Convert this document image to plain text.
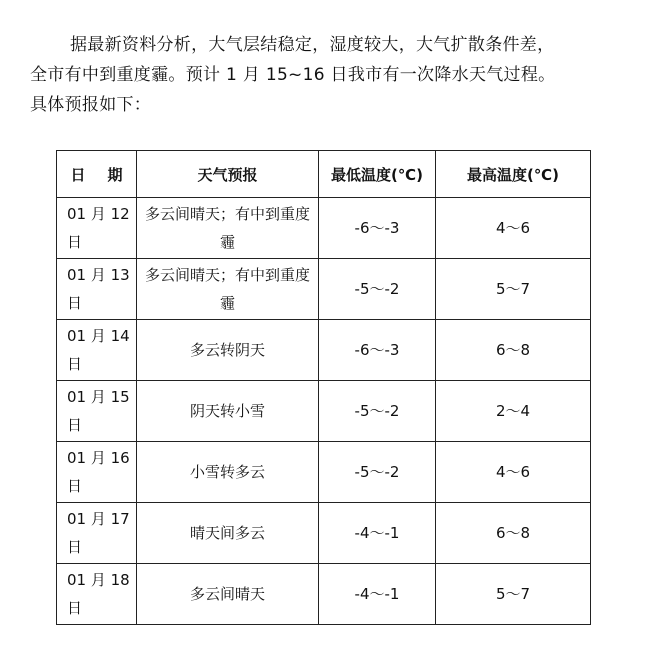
据最新资料分析，大气层结稳定，湿度较大，大气扩散条件差，

全市有中到重度霾。预计 1 月 15~16 日我市有一次降水天气过程。

具体预报如下：

日 期	天气预报	最低温度(℃)	最高温度(℃)

01 月 12
日	多云间晴天；有中到重度霾	-6～-3	4～6

01 月 13
日	多云间晴天；有中到重度霾	-5～-2	5～7

01 月 14
日	多云转阴天	-6～-3	6～8

01 月 15
日	阴天转小雪	-5～-2	2～4

01 月 16
日	小雪转多云	-5～-2	4～6

01 月 17
日	晴天间多云	-4～-1	6～8

01 月 18
日	多云间晴天	-4～-1	5～7
